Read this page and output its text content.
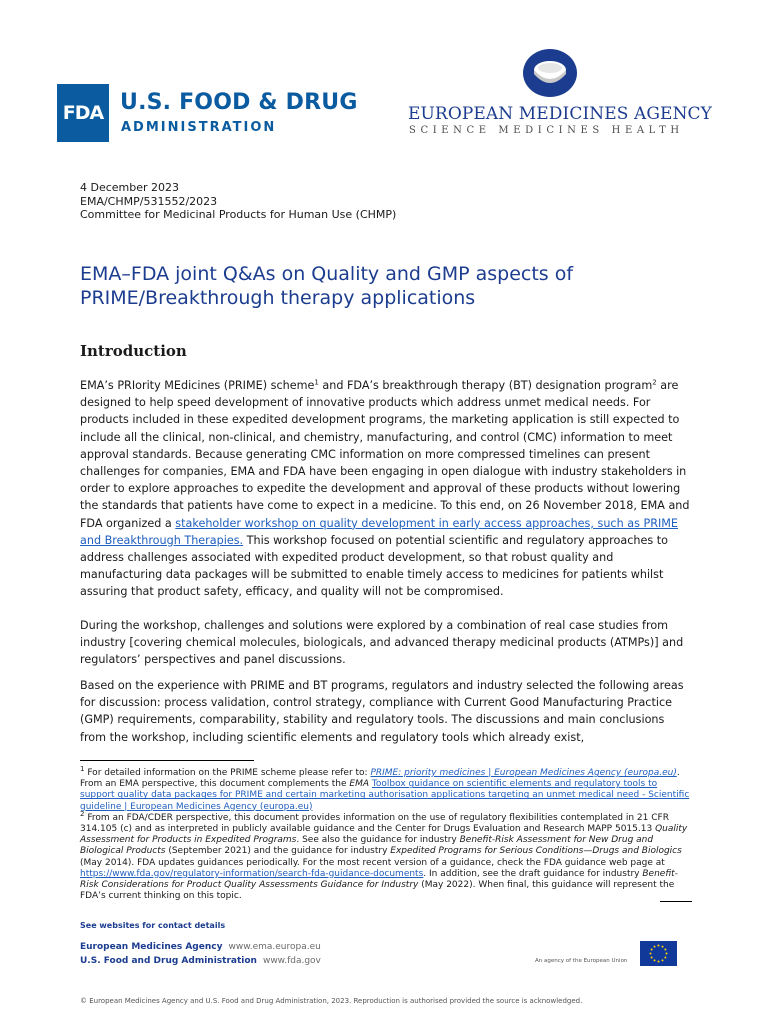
FDA U.S. FOOD & DRUG
ADMINISTRATION
EUROPEAN MEDICINES AGENCY
SCIENCE MEDICINES HEALTH
4 December 2023
EMA/CHMP/531552/2023
Committee for Medicinal Products for Human Use (CHMP)
EMA–FDA joint Q&As on Quality and GMP aspects of PRIME/Breakthrough therapy applications
Introduction
EMA’s PRIority MEdicines (PRIME) scheme$^1$ and FDA’s breakthrough therapy (BT) designation program$^2$ are designed to help speed development of innovative products which address unmet medical needs. For products included in these expedited development programs, the marketing application is still expected to include all the clinical, non-clinical, and chemistry, manufacturing, and control (CMC) information to meet approval standards. Because generating CMC information on more compressed timelines can present challenges for companies, EMA and FDA have been engaging in open dialogue with industry stakeholders in order to explore approaches to expedite the development and approval of these products without lowering the standards that patients have come to expect in a medicine. To this end, on 26 November 2018, EMA and FDA organized a stakeholder workshop on quality development in early access approaches, such as PRIME and Breakthrough Therapies. This workshop focused on potential scientific and regulatory approaches to address challenges associated with expedited product development, so that robust quality and manufacturing data packages will be submitted to enable timely access to medicines for patients whilst assuring that product safety, efficacy, and quality will not be compromised.
During the workshop, challenges and solutions were explored by a combination of real case studies from industry [covering chemical molecules, biologicals, and advanced therapy medicinal products (ATMPs)] and regulators’ perspectives and panel discussions.
Based on the experience with PRIME and BT programs, regulators and industry selected the following areas for discussion: process validation, control strategy, compliance with Current Good Manufacturing Practice (GMP) requirements, comparability, stability and regulatory tools. The discussions and main conclusions from the workshop, including scientific elements and regulatory tools which already exist,
$^1$ For detailed information on the PRIME scheme please refer to: PRIME: priority medicines | European Medicines Agency (europa.eu). From an EMA perspective, this document complements the EMA Toolbox guidance on scientific elements and regulatory tools to support quality data packages for PRIME and certain marketing authorisation applications targeting an unmet medical need - Scientific guideline | European Medicines Agency (europa.eu)
$^2$ From an FDA/CDER perspective, this document provides information on the use of regulatory flexibilities contemplated in 21 CFR 314.105 (c) and as interpreted in publicly available guidance and the Center for Drugs Evaluation and Research MAPP 5015.13 Quality Assessment for Products in Expedited Programs. See also the guidance for industry Benefit-Risk Assessment for New Drug and Biological Products (September 2021) and the guidance for industry Expedited Programs for Serious Conditions—Drugs and Biologics (May 2014). FDA updates guidances periodically. For the most recent version of a guidance, check the FDA guidance web page at https://www.fda.gov/regulatory-information/search-fda-guidance-documents. In addition, see the draft guidance for industry Benefit-Risk Considerations for Product Quality Assessments Guidance for Industry (May 2022). When final, this guidance will represent the FDA’s current thinking on this topic.
See websites for contact details
European Medicines Agency www.ema.europa.eu
U.S. Food and Drug Administration www.fda.gov	An agency of the European Union
© European Medicines Agency and U.S. Food and Drug Administration, 2023. Reproduction is authorised provided the source is acknowledged.
